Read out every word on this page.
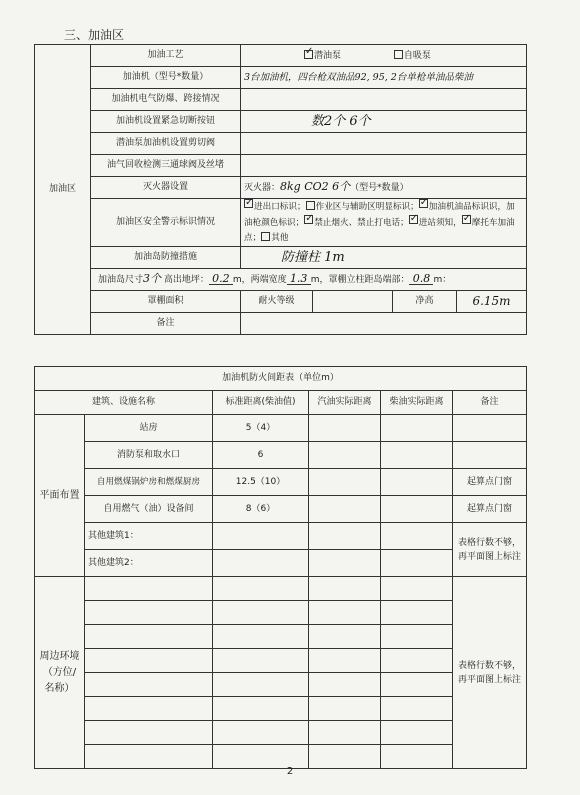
三、加油区
加油区	加油工艺	✓潜油泵 自吸泵
	加油机（型号*数量）	3台加油机，四台枪双油品92, 95, 2台单枪单油品柴油			
	加油机电气防爆、跨接情况				
	加油机设置紧急切断按钮	数2个 6个			
	潜油泵加油机设置剪切阀				
	油气回收检测三通球阀及丝堵				
	灭火器设置	灭火器：8kg CO2 6个（型号*数量）			
	加油区安全警示标识情况	✓进出口标识； 作业区与辅助区明显标识； ✓ 加油机油品标识识，加油枪颜色标识； ✓ 禁止烟火、禁止打电话； ✓ 进站须知， ✓ 摩托车加油点； 其他
	加油岛防撞措施	防撞柱 1m			
	加油岛尺寸3个 高出地坪： 0.2 m，两端宽度 1.3 m，罩棚立柱距岛端部： 0.8 m：				
	罩棚面积	耐火等级		净高	6.15m
	备注				
加油机防火间距表（单位m）					
建筑、设施名称		标准距离(柴油值)	汽油实际距离	柴油实际距离	备注
平面布置	站房	5（4）			
	消防泵和取水口	6			
	自用燃煤锅炉房和燃煤厨房	12.5（10）			起算点门窗
	自用燃气（油）设备间	8（6）			起算点门窗
	其他建筑1：				表格行数不够，再平面图上标注
	其他建筑2：				
周边环境（方位/名称）					表格行数不够，再平面图上标注

2
